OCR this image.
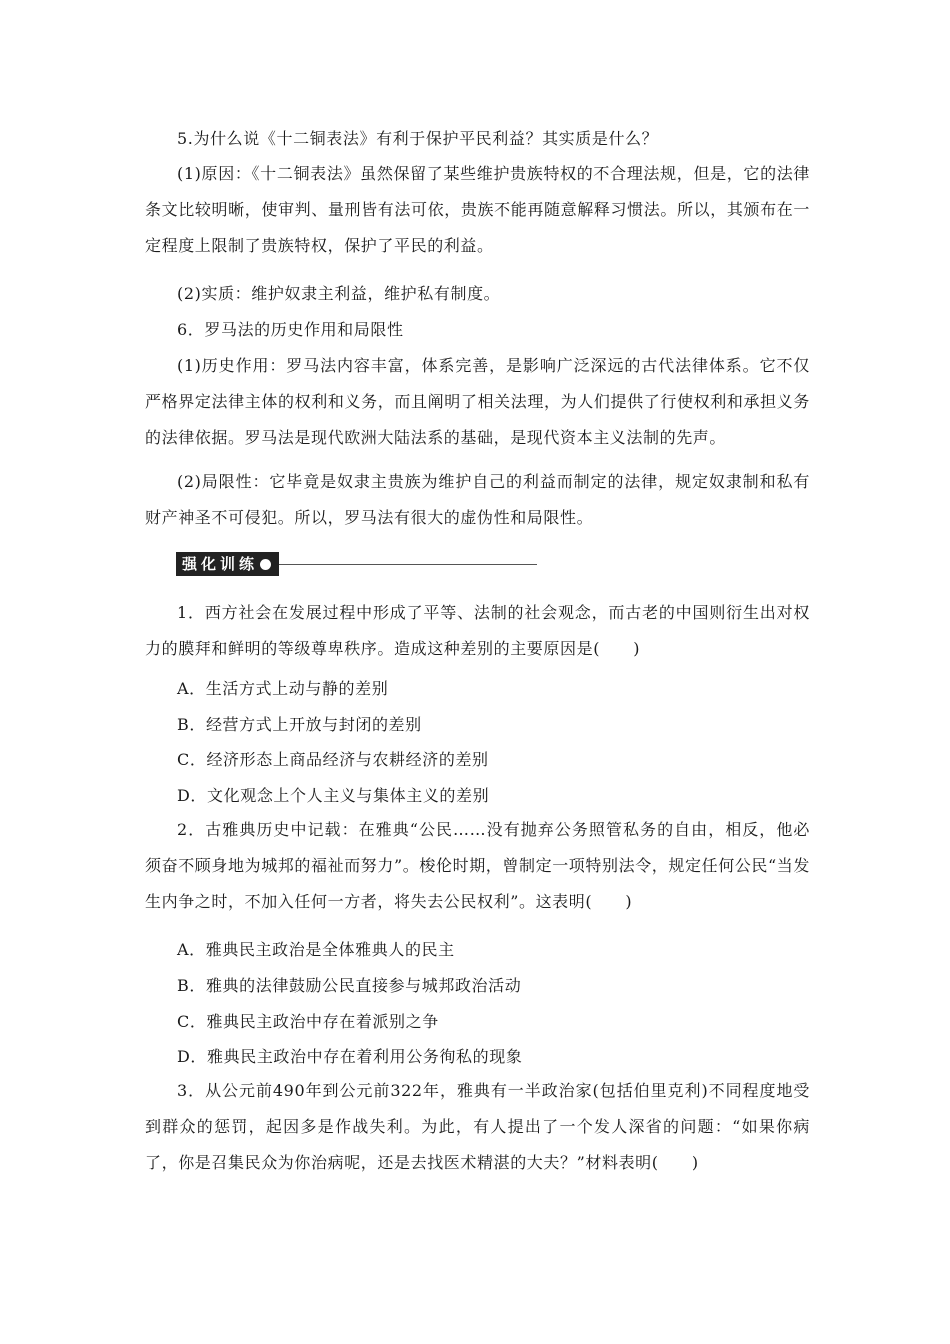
5.为什么说《十二铜表法》有利于保护平民利益？其实质是什么？

(1)原因：《十二铜表法》虽然保留了某些维护贵族特权的不合理法规，但是，它的法律条文比较明晰，使审判、量刑皆有法可依，贵族不能再随意解释习惯法。所以，其颁布在一定程度上限制了贵族特权，保护了平民的利益。

(2)实质：维护奴隶主利益，维护私有制度。

6．罗马法的历史作用和局限性

(1)历史作用：罗马法内容丰富，体系完善，是影响广泛深远的古代法律体系。它不仅严格界定法律主体的权利和义务，而且阐明了相关法理，为人们提供了行使权利和承担义务的法律依据。罗马法是现代欧洲大陆法系的基础，是现代资本主义法制的先声。

(2)局限性：它毕竟是奴隶主贵族为维护自己的利益而制定的法律，规定奴隶制和私有财产神圣不可侵犯。所以，罗马法有很大的虚伪性和局限性。

强化训练

1．西方社会在发展过程中形成了平等、法制的社会观念，而古老的中国则衍生出对权力的膜拜和鲜明的等级尊卑秩序。造成这种差别的主要原因是(　　)

A．生活方式上动与静的差别

B．经营方式上开放与封闭的差别

C．经济形态上商品经济与农耕经济的差别

D．文化观念上个人主义与集体主义的差别

2．古雅典历史中记载：在雅典“公民……没有抛弃公务照管私务的自由，相反，他必须奋不顾身地为城邦的福祉而努力”。梭伦时期，曾制定一项特别法令，规定任何公民“当发生内争之时，不加入任何一方者，将失去公民权利”。这表明(　　)

A．雅典民主政治是全体雅典人的民主

B．雅典的法律鼓励公民直接参与城邦政治活动

C．雅典民主政治中存在着派别之争

D．雅典民主政治中存在着利用公务徇私的现象

3．从公元前490年到公元前322年，雅典有一半政治家(包括伯里克利)不同程度地受到群众的惩罚，起因多是作战失利。为此，有人提出了一个发人深省的问题：“如果你病了，你是召集民众为你治病呢，还是去找医术精湛的大夫？”材料表明(　　)
